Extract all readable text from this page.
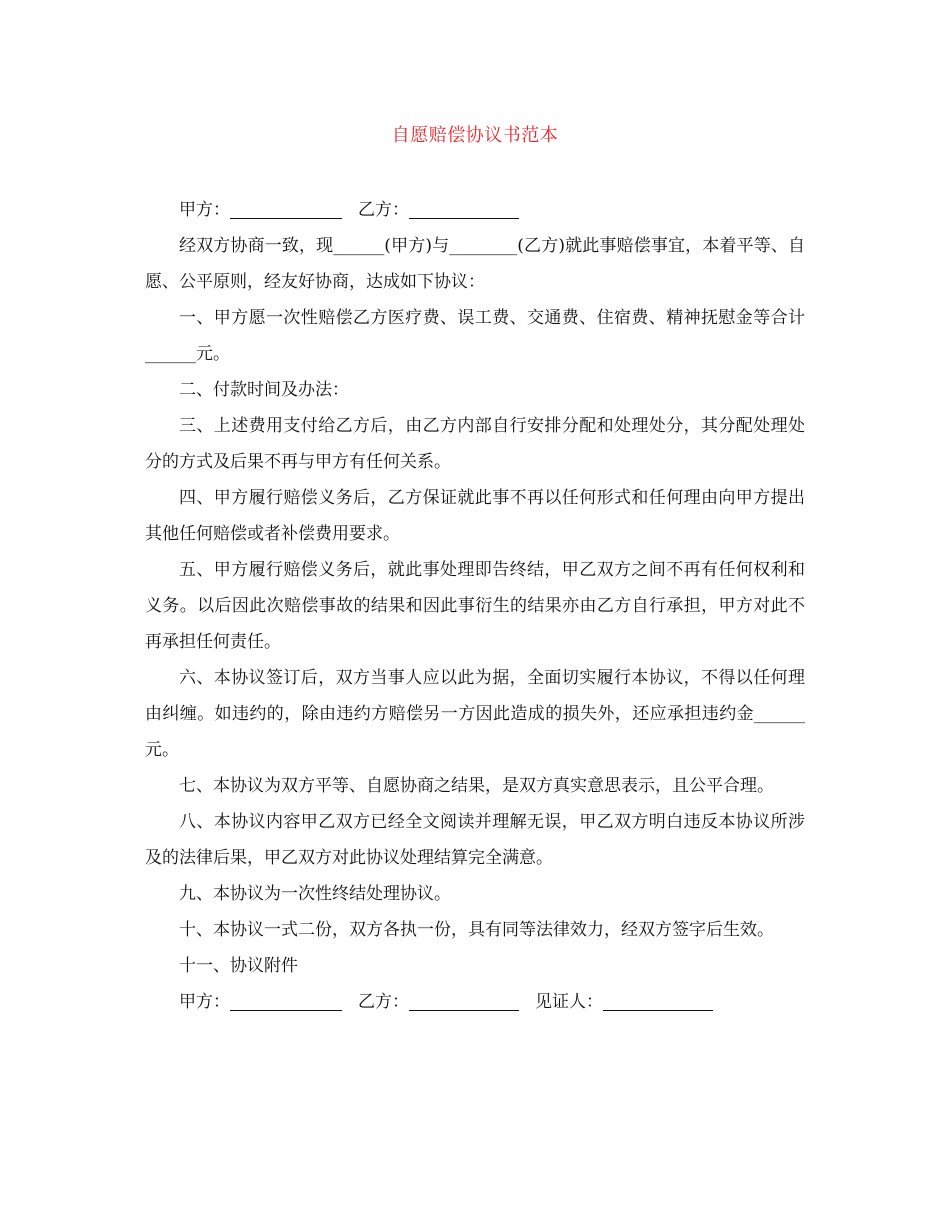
自愿赔偿协议书范本
甲方：	乙方：

经双方协商一致，现______(甲方)与________(乙方)就此事赔偿事宜，本着平等、自愿、公平原则，经友好协商，达成如下协议：

一、甲方愿一次性赔偿乙方医疗费、误工费、交通费、住宿费、精神抚慰金等合计______元。

二、付款时间及办法：

三、上述费用支付给乙方后，由乙方内部自行安排分配和处理处分，其分配处理处分的方式及后果不再与甲方有任何关系。

四、甲方履行赔偿义务后，乙方保证就此事不再以任何形式和任何理由向甲方提出其他任何赔偿或者补偿费用要求。

五、甲方履行赔偿义务后，就此事处理即告终结，甲乙双方之间不再有任何权利和义务。以后因此次赔偿事故的结果和因此事衍生的结果亦由乙方自行承担，甲方对此不再承担任何责任。

六、本协议签订后，双方当事人应以此为据，全面切实履行本协议，不得以任何理由纠缠。如违约的，除由违约方赔偿另一方因此造成的损失外，还应承担违约金______元。

七、本协议为双方平等、自愿协商之结果，是双方真实意思表示，且公平合理。

八、本协议内容甲乙双方已经全文阅读并理解无误，甲乙双方明白违反本协议所涉及的法律后果，甲乙双方对此协议处理结算完全满意。

九、本协议为一次性终结处理协议。

十、本协议一式二份，双方各执一份，具有同等法律效力，经双方签字后生效。

十一、协议附件

甲方：	乙方：	见证人：
